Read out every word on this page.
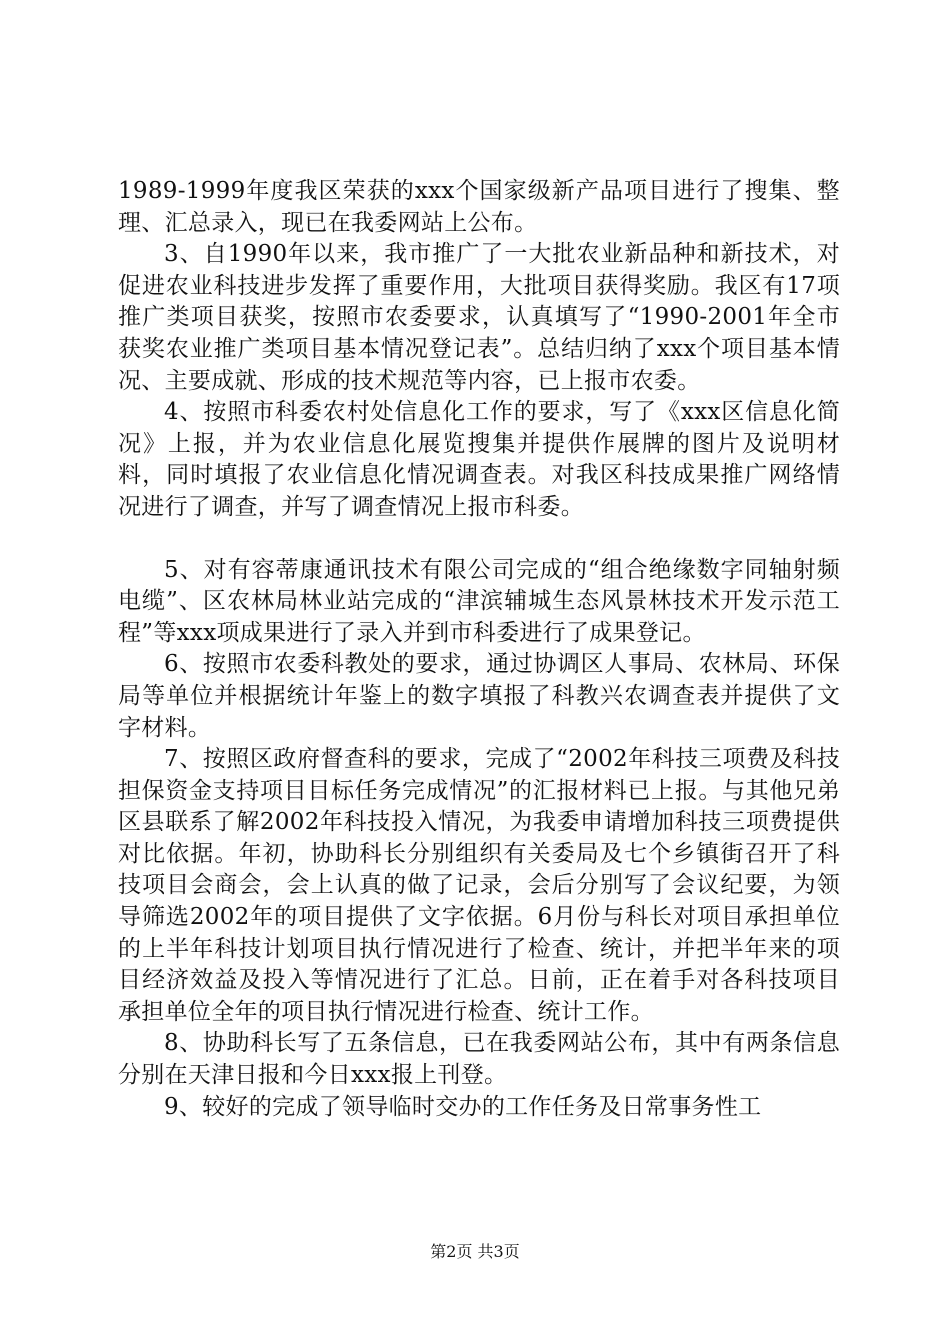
1989-1999年度我区荣获的xxx个国家级新产品项目进行了搜集、整理、汇总录入，现已在我委网站上公布。

3、自1990年以来，我市推广了一大批农业新品种和新技术，对促进农业科技进步发挥了重要作用，大批项目获得奖励。我区有17项推广类项目获奖，按照市农委要求，认真填写了“1990-2001年全市获奖农业推广类项目基本情况登记表”。总结归纳了xxx个项目基本情况、主要成就、形成的技术规范等内容，已上报市农委。

4、按照市科委农村处信息化工作的要求，写了《xxx区信息化简况》上报，并为农业信息化展览搜集并提供作展牌的图片及说明材料，同时填报了农业信息化情况调查表。对我区科技成果推广网络情况进行了调查，并写了调查情况上报市科委。

5、对有容蒂康通讯技术有限公司完成的“组合绝缘数字同轴射频电缆”、区农林局林业站完成的“津滨辅城生态风景林技术开发示范工程”等xxx项成果进行了录入并到市科委进行了成果登记。

6、按照市农委科教处的要求，通过协调区人事局、农林局、环保局等单位并根据统计年鉴上的数字填报了科教兴农调查表并提供了文字材料。

7、按照区政府督查科的要求，完成了“2002年科技三项费及科技担保资金支持项目目标任务完成情况”的汇报材料已上报。与其他兄弟区县联系了解2002年科技投入情况，为我委申请增加科技三项费提供对比依据。年初，协助科长分别组织有关委局及七个乡镇街召开了科技项目会商会，会上认真的做了记录，会后分别写了会议纪要，为领导筛选2002年的项目提供了文字依据。6月份与科长对项目承担单位的上半年科技计划项目执行情况进行了检查、统计，并把半年来的项目经济效益及投入等情况进行了汇总。日前，正在着手对各科技项目承担单位全年的项目执行情况进行检查、统计工作。

8、协助科长写了五条信息，已在我委网站公布，其中有两条信息分别在天津日报和今日xxx报上刊登。

9、较好的完成了领导临时交办的工作任务及日常事务性工

第2页 共3页
